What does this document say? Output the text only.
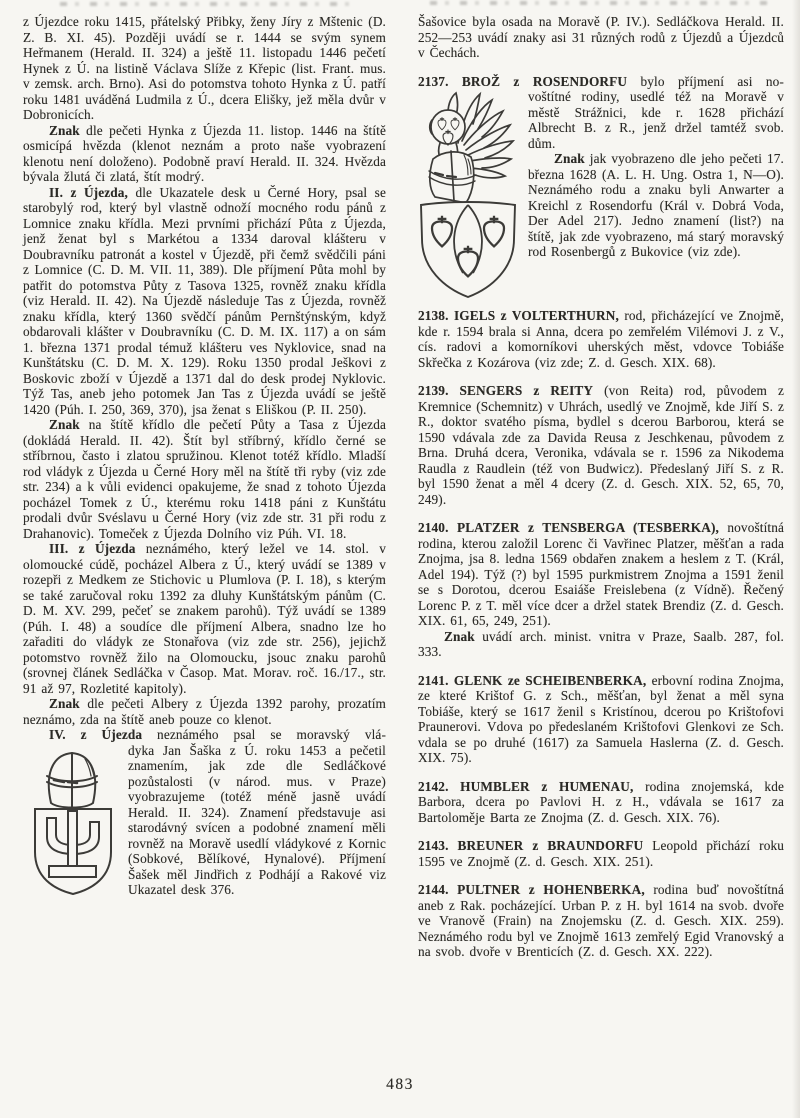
z Újezdce roku 1415, přátelský Přibky, ženy Jíry z Mštenic (D. Z. B. XI. 45). Později uvádí se r. 1444 se svým synem Heřmanem (Herald. II. 324) a ještě 11. listopadu 1446 pečetí Hynek z Ú. na listině Václava Slíže z Křepic (list. Frant. mus. v zemsk. arch. Brno). Asi do potomstva tohoto Hynka z Ú. patří roku 1481 uváděná Ludmila z Ú., dcera Elišky, jež měla dvůr v Dobronicích.

Znak dle pečeti Hynka z Újezda 11. listop. 1446 na štítě osmicípá hvězda (klenot neznám a proto naše vyobrazení klenotu není doloženo). Podobně praví Herald. II. 324. Hvězda bývala žlutá či zlatá, štít modrý.

II. z Újezda, dle Ukazatele desk u Černé Hory, psal se starobylý rod, který byl vlastně odnoží mocného rodu pánů z Lomnice znaku křídla. Mezi prvními přichází Půta z Újezda, jenž ženat byl s Markétou a 1334 daroval klášteru v Doubravníku patronát a kostel v Újezdě, při čemž svědčili páni z Lomnice (C. D. M. VII. 11, 389). Dle příjmení Půta mohl by patřit do potomstva Půty z Tasova 1325, rovněž znaku křídla (viz Herald. II. 42). Na Újezdě následuje Tas z Újezda, rovněž znaku křídla, který 1360 svědčí pánům Pernštýnským, když obdarovali klášter v Doubravníku (C. D. M. IX. 117) a on sám 1. března 1371 prodal témuž klášteru ves Nyklovice, snad na Kunštátsku (C. D. M. X. 129). Roku 1350 prodal Ješkovi z Boskovic zboží v Újezdě a 1371 dal do desk prodej Nyklovic. Týž Tas, aneb jeho potomek Jan Tas z Újezda uvádí se ještě 1420 (Púh. I. 250, 369, 370), jsa ženat s Eliškou (P. II. 250).

Znak na štítě křídlo dle pečetí Půty a Tasa z Újezda (dokládá Herald. II. 42). Štít byl stříbrný, křídlo černé se stříbrnou, často i zlatou spružinou. Klenot totéž křídlo. Mladší rod vládyk z Újezda u Černé Hory měl na štítě tři ryby (viz zde str. 234) a k vůli evidenci opakujeme, že snad z tohoto Újezda pocházel Tomek z Ú., kterému roku 1418 páni z Kunštátu prodali dvůr Svéslavu u Černé Hory (viz zde str. 31 při rodu z Drahanovic). Tomeček z Újezda Dolního viz Púh. VI. 18.

III. z Újezda neznámého, který ležel ve 14. stol. v olomoucké cúdě, pocházel Albera z Ú., který uvádí se 1389 v rozepři z Medkem ze Stichovic u Plumlova (P. I. 18), s kterým se také zaručoval roku 1392 za dluhy Kunštátským pánům (C. D. M. XV. 299, pečeť se znakem parohů). Týž uvádí se 1389 (Púh. I. 48) a soudíce dle příjmení Albera, snadno lze ho zařaditi do vládyk ze Stonařova (viz zde str. 256), jejichž potomstvo rovněž žilo na Olomoucku, jsouc znaku parohů (srovnej článek Sedláčka v Časop. Mat. Morav. roč. 16./17., str. 91 až 97, Rozletité kapitoly).

Znak dle pečeti Albery z Újezda 1392 parohy, prozatím neznámo, zda na štítě aneb pouze co klenot.

IV. z Újezda neznámého psal se moravský vlá-

dyka Jan Šaška z Ú. roku 1453 a pečetil znamením, jak zde dle Sedláčkové pozůstalosti (v národ. mus. v Praze) vyobrazujeme (totéž méně jasně uvádí Herald. II. 324). Znamení představuje asi starodávný svícen a podobné znamení měli rovněž na Moravě usedlí vládykové z Kornic (Sobkové, Bělíkové, Hynalové). Příjmení Šašek měl Jindřich z Podhájí a Rakové viz Ukazatel desk 376.

Šašovice byla osada na Moravě (P. IV.). Sedláčkova Herald. II. 252—253 uvádí znaky asi 31 různých rodů z Újezdů a Újezdců v Čechách.

2137. BROŽ z ROSENDORFU bylo příjmení asi no-

voštítné rodiny, usedlé též na Moravě v městě Strážnici, kde r. 1628 přichází Albrecht B. z R., jenž držel tamtéž svob. dům.

Znak jak vyobrazeno dle jeho pečeti 17. března 1628 (A. L. H. Ung. Ostra 1, N—O). Neznámého rodu a znaku byli Anwarter a Kreichl z Rosendorfu (Král v. Dobrá Voda, Der Adel 217). Jedno znamení (list?) na štítě, jak zde vyobrazeno, má starý moravský rod Rosenbergů z Bukovice (viz zde).

2138. IGELS z VOLTERTHURN, rod, přicházející ve Znojmě, kde r. 1594 brala si Anna, dcera po zemřelém Vilémovi J. z V., cís. radovi a komorníkovi uherských měst, vdovce Tobiáše Skřečka z Kozárova (viz zde; Z. d. Gesch. XIX. 68).

2139. SENGERS z REITY (von Reita) rod, původem z Kremnice (Schemnitz) v Uhrách, usedlý ve Znojmě, kde Jiří S. z R., doktor svatého písma, bydlel s dcerou Barborou, která se 1590 vdávala zde za Davida Reusa z Jeschkenau, původem z Brna. Druhá dcera, Veronika, vdávala se r. 1596 za Nikodema Raudla z Raudlein (též von Budwicz). Předeslaný Jiří S. z R. byl 1590 ženat a měl 4 dcery (Z. d. Gesch. XIX. 52, 65, 70, 249).

2140. PLATZER z TENSBERGA (TESBERKA), novoštítná rodina, kterou založil Lorenc či Vavřinec Platzer, měšťan a rada Znojma, jsa 8. ledna 1569 obdařen znakem a heslem z T. (Král, Adel 194). Týž (?) byl 1595 purkmistrem Znojma a 1591 ženil se s Dorotou, dcerou Esaiáše Freislebena (z Vídně). Řečený Lorenc P. z T. měl více dcer a držel statek Brendiz (Z. d. Gesch. XIX. 61, 65, 249, 251).

Znak uvádí arch. minist. vnitra v Praze, Saalb. 287, fol. 333.

2141. GLENK ze SCHEIBENBERKA, erbovní rodina Znojma, ze které Krištof G. z Sch., měšťan, byl ženat a měl syna Tobiáše, který se 1617 ženil s Kristínou, dcerou po Krištofovi Praunerovi. Vdova po předeslaném Krištofovi Glenkovi ze Sch. vdala se po druhé (1617) za Samuela Haslerna (Z. d. Gesch. XIX. 75).

2142. HUMBLER z HUMENAU, rodina znojemská, kde Barbora, dcera po Pavlovi H. z H., vdávala se 1617 za Bartoloměje Barta ze Znojma (Z. d. Gesch. XIX. 76).

2143. BREUNER z BRAUNDORFU Leopold přichází roku 1595 ve Znojmě (Z. d. Gesch. XIX. 251).

2144. PULTNER z HOHENBERKA, rodina buď novoštítná aneb z Rak. pocházející. Urban P. z H. byl 1614 na svob. dvoře ve Vranově (Frain) na Znojemsku (Z. d. Gesch. XIX. 259). Neznámého rodu byl ve Znojmě 1613 zemřelý Egid Vranovský a na svob. dvoře v Brenticích (Z. d. Gesch. XX. 222).

483
